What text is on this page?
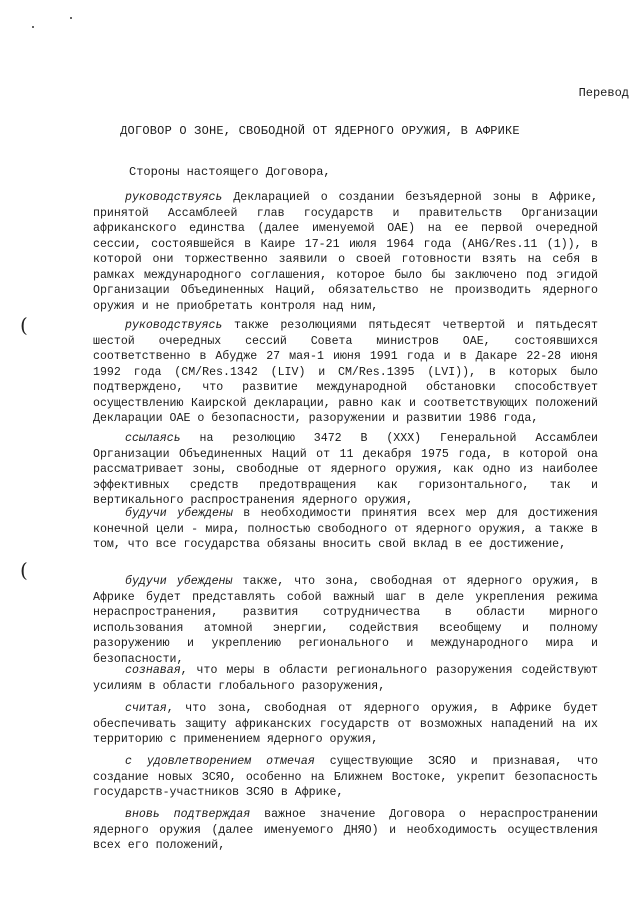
Перевод
ДОГОВОР О ЗОНЕ, СВОБОДНОЙ ОТ ЯДЕРНОГО ОРУЖИЯ, В АФРИКЕ
Стороны настоящего Договора,
руководствуясь Декларацией о создании безъядерной зоны в Африке, принятой Ассамблеей глав государств и правительств Организации африканского единства (далее именуемой ОАЕ) на ее первой очередной сессии, состоявшейся в Каире 17-21 июля 1964 года (AHG/Res.11 (1)), в которой они торжественно заявили о своей готовности взять на себя в рамках международного соглашения, которое было бы заключено под эгидой Организации Объединенных Наций, обязательство не производить ядерного оружия и не приобретать контроля над ним,
руководствуясь также резолюциями пятьдесят четвертой и пятьдесят шестой очередных сессий Совета министров ОАЕ, состоявшихся соответственно в Абудже 27 мая-1 июня 1991 года и в Дакаре 22-28 июня 1992 года (CM/Res.1342 (LIV) и CM/Res.1395 (LVI)), в которых было подтверждено, что развитие международной обстановки способствует осуществлению Каирской декларации, равно как и соответствующих положений Декларации ОАЕ о безопасности, разоружении и развитии 1986 года,
ссылаясь на резолюцию 3472 В (XXX) Генеральной Ассамблеи Организации Объединенных Наций от 11 декабря 1975 года, в которой она рассматривает зоны, свободные от ядерного оружия, как одно из наиболее эффективных средств предотвращения как горизонтального, так и вертикального распространения ядерного оружия,
будучи убеждены в необходимости принятия всех мер для достижения конечной цели - мира, полностью свободного от ядерного оружия, а также в том, что все государства обязаны вносить свой вклад в ее достижение,
будучи убеждены также, что зона, свободная от ядерного оружия, в Африке будет представлять собой важный шаг в деле укрепления режима нераспространения, развития сотрудничества в области мирного использования атомной энергии, содействия всеобщему и полному разоружению и укреплению регионального и международного мира и безопасности,
сознавая, что меры в области регионального разоружения содействуют усилиям в области глобального разоружения,
считая, что зона, свободная от ядерного оружия, в Африке будет обеспечивать защиту африканских государств от возможных нападений на их территорию с применением ядерного оружия,
с удовлетворением отмечая существующие ЗСЯО и признавая, что создание новых ЗСЯО, особенно на Ближнем Востоке, укрепит безопасность государств-участников ЗСЯО в Африке,
вновь подтверждая важное значение Договора о нераспространении ядерного оружия (далее именуемого ДНЯО) и необходимость осуществления всех его положений,
(
(
